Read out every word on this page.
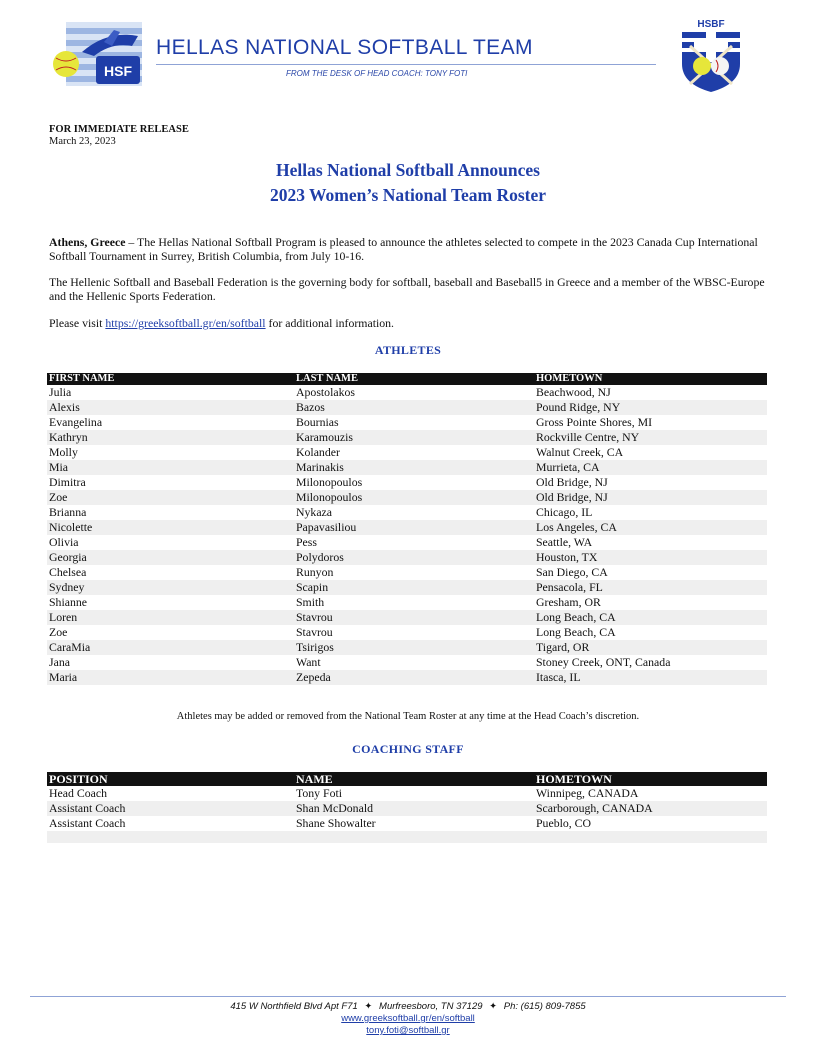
HSF
HELLAS NATIONAL SOFTBALL TEAM
FROM THE DESK OF HEAD COACH: TONY FOTI
HSBF
FOR IMMEDIATE RELEASE
March 23, 2023
Hellas National Softball Announces
2023 Women’s National Team Roster
Athens, Greece – The Hellas National Softball Program is pleased to announce the athletes selected to compete in the 2023 Canada Cup International Softball Tournament in Surrey, British Columbia, from July 10-16.
The Hellenic Softball and Baseball Federation is the governing body for softball, baseball and Baseball5 in Greece and a member of the WBSC-Europe and the Hellenic Sports Federation.
Please visit https://greeksoftball.gr/en/softball for additional information.
ATHLETES
FIRST NAME	LAST NAME	HOMETOWN
Julia	Apostolakos	Beachwood, NJ
Alexis	Bazos	Pound Ridge, NY
Evangelina	Bournias	Gross Pointe Shores, MI
Kathryn	Karamouzis	Rockville Centre, NY
Molly	Kolander	Walnut Creek, CA
Mia	Marinakis	Murrieta, CA
Dimitra	Milonopoulos	Old Bridge, NJ
Zoe	Milonopoulos	Old Bridge, NJ
Brianna	Nykaza	Chicago, IL
Nicolette	Papavasiliou	Los Angeles, CA
Olivia	Pess	Seattle, WA
Georgia	Polydoros	Houston, TX
Chelsea	Runyon	San Diego, CA
Sydney	Scapin	Pensacola, FL
Shianne	Smith	Gresham, OR
Loren	Stavrou	Long Beach, CA
Zoe	Stavrou	Long Beach, CA
CaraMia	Tsirigos	Tigard, OR
Jana	Want	Stoney Creek, ONT, Canada
Maria	Zepeda	Itasca, IL
Athletes may be added or removed from the National Team Roster at any time at the Head Coach’s discretion.
COACHING STAFF
POSITION	NAME	HOMETOWN
Head Coach	Tony Foti	Winnipeg, CANADA
Assistant Coach	Shan McDonald	Scarborough, CANADA
Assistant Coach	Shane Showalter	Pueblo, CO
415 W Northfield Blvd Apt F71 ✦ Murfreesboro, TN 37129 ✦ Ph: (615) 809-7855
www.greeksoftball.gr/en/softball
tony.foti@softball.gr
